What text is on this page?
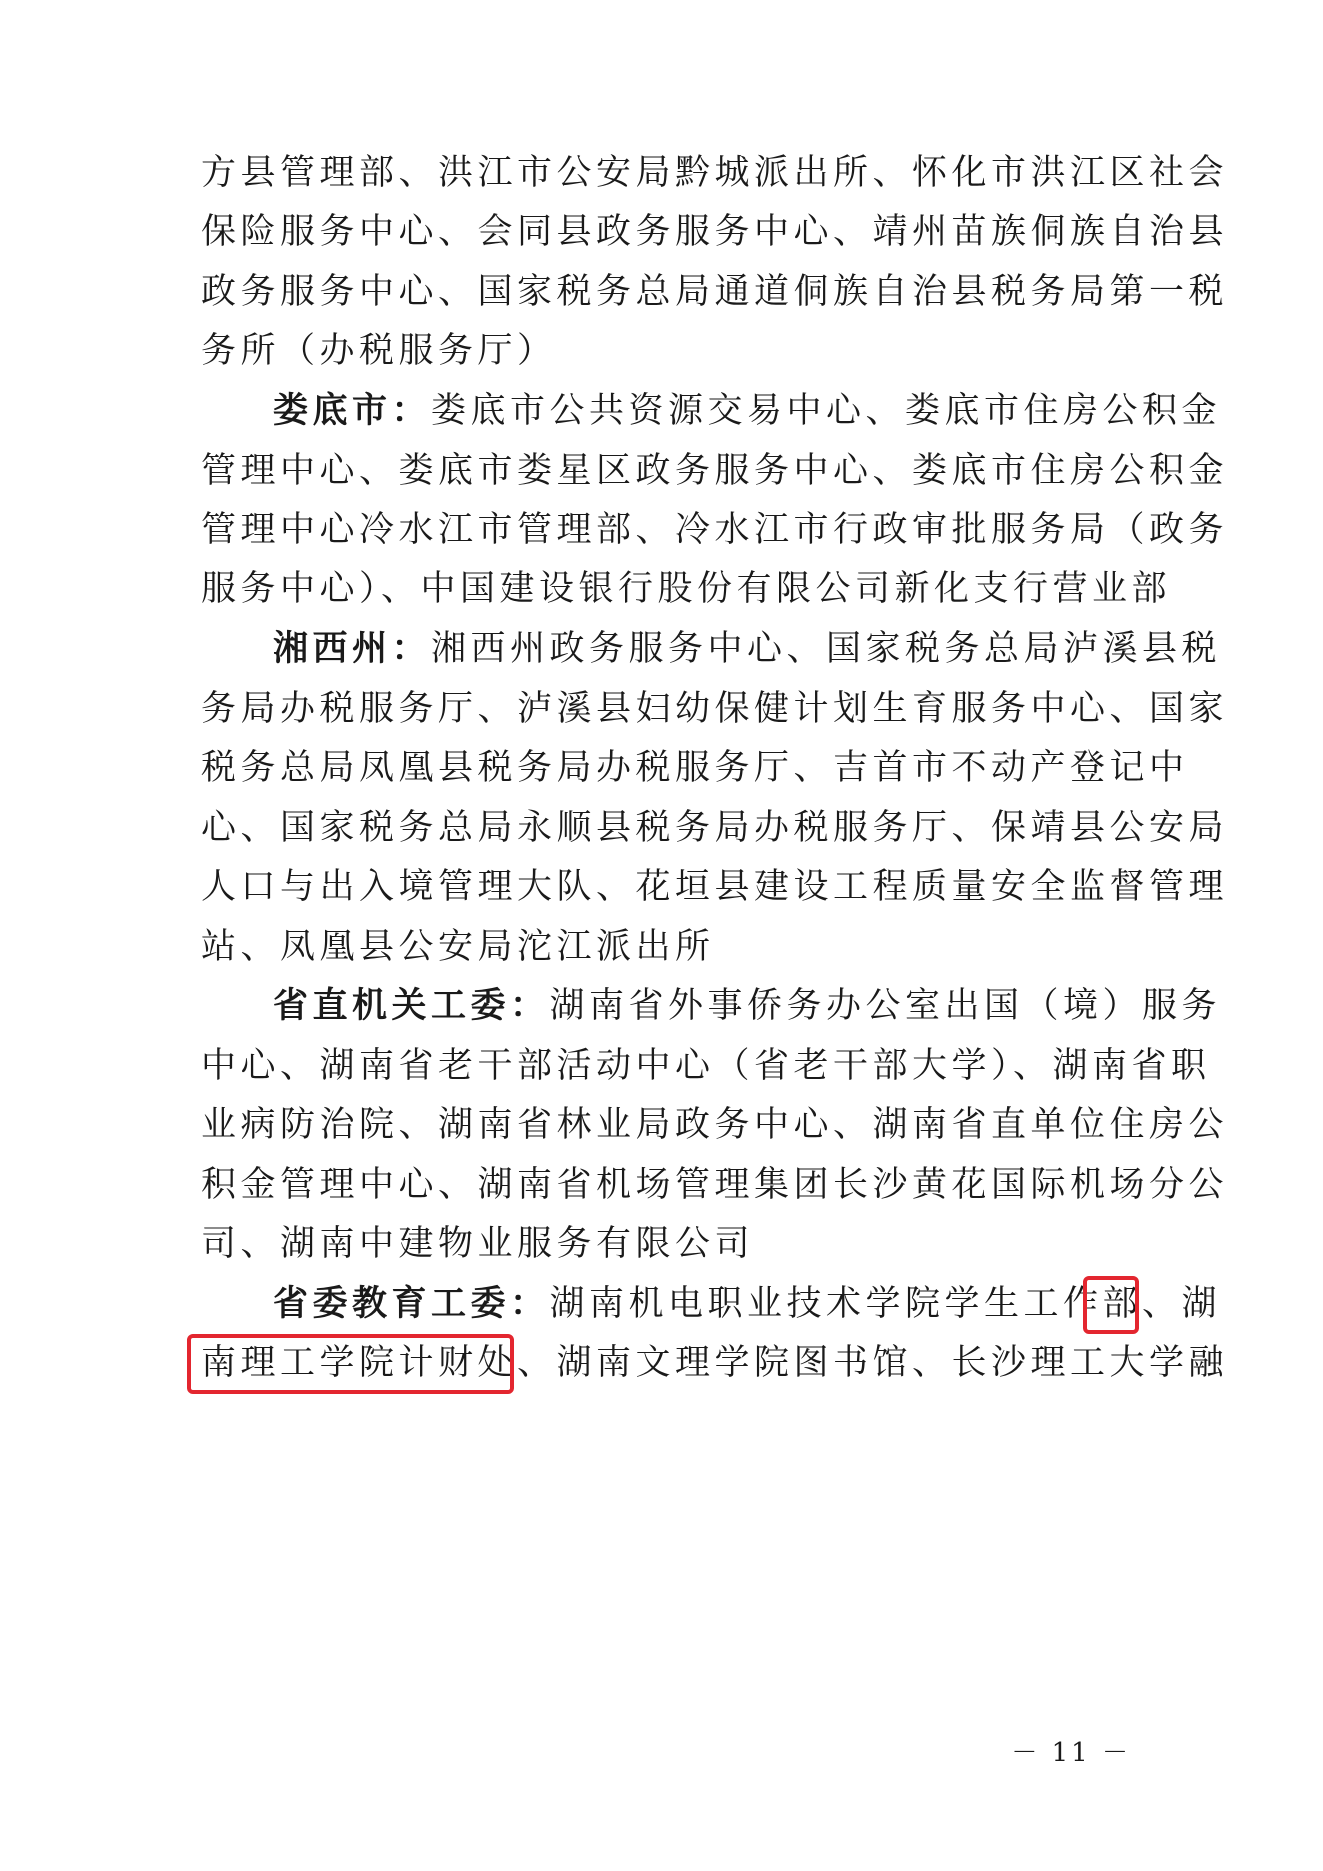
方县管理部、洪江市公安局黔城派出所、怀化市洪江区社会
保险服务中心、会同县政务服务中心、靖州苗族侗族自治县
政务服务中心、国家税务总局通道侗族自治县税务局第一税
务所（办税服务厅）
娄底市：娄底市公共资源交易中心、娄底市住房公积金
管理中心、娄底市娄星区政务服务中心、娄底市住房公积金
管理中心冷水江市管理部、冷水江市行政审批服务局（政务
服务中心）、中国建设银行股份有限公司新化支行营业部
湘西州：湘西州政务服务中心、国家税务总局泸溪县税
务局办税服务厅、泸溪县妇幼保健计划生育服务中心、国家
税务总局凤凰县税务局办税服务厅、吉首市不动产登记中
心、国家税务总局永顺县税务局办税服务厅、保靖县公安局
人口与出入境管理大队、花垣县建设工程质量安全监督管理
站、凤凰县公安局沱江派出所
省直机关工委：湖南省外事侨务办公室出国（境）服务
中心、湖南省老干部活动中心（省老干部大学）、湖南省职
业病防治院、湖南省林业局政务中心、湖南省直单位住房公
积金管理中心、湖南省机场管理集团长沙黄花国际机场分公
司、湖南中建物业服务有限公司
省委教育工委：湖南机电职业技术学院学生工作部、湖
南理工学院计财处、湖南文理学院图书馆、长沙理工大学融
－ 11 －
